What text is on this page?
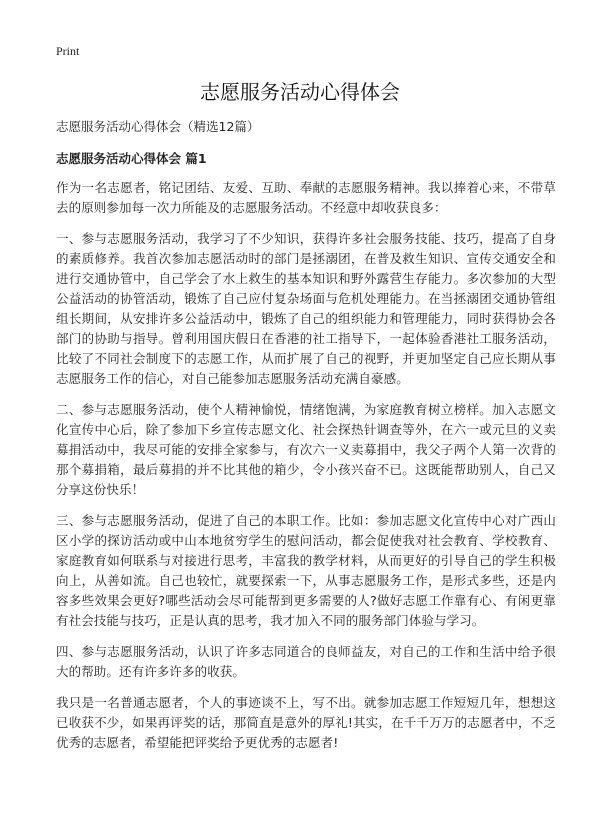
Print
志愿服务活动心得体会

志愿服务活动心得体会（精选12篇）

志愿服务活动心得体会 篇1

作为一名志愿者，铭记团结、友爱、互助、奉献的志愿服务精神。我以捧着心来，不带草去的原则参加每一次力所能及的志愿服务活动。不经意中却收获良多：

一、参与志愿服务活动，我学习了不少知识，获得许多社会服务技能、技巧，提高了自身的素质修养。我首次参加志愿活动时的部门是拯溺团，在普及救生知识、宣传交通安全和进行交通协管中，自己学会了水上救生的基本知识和野外露营生存能力。多次参加的大型公益活动的协管活动，锻炼了自己应付复杂场面与危机处理能力。在当拯溺团交通协管组组长期间，从安排许多公益活动中，锻炼了自己的组织能力和管理能力，同时获得协会各部门的协助与指导。曾利用国庆假日在香港的社工指导下，一起体验香港社工服务活动，比较了不同社会制度下的志愿工作，从而扩展了自己的视野，并更加坚定自己应长期从事志愿服务工作的信心，对自己能参加志愿服务活动充满自豪感。

二、参与志愿服务活动，使个人精神愉悦，情绪饱满，为家庭教育树立榜样。加入志愿文化宣传中心后，除了参加下乡宣传志愿文化、社会探热针调查等外，在六一或元旦的义卖募捐活动中，我尽可能的安排全家参与，有次六一义卖募捐中，我父子两个人第一次背的那个募捐箱，最后募捐的并不比其他的箱少，令小孩兴奋不已。这既能帮助别人，自己又分享这份快乐！

三、参与志愿服务活动，促进了自己的本职工作。比如：参加志愿文化宣传中心对广西山区小学的探访活动或中山本地贫穷学生的慰问活动，都会促使我对社会教育、学校教育、家庭教育如何联系与对接进行思考，丰富我的教学材料，从而更好的引导自己的学生积极向上，从善如流。自己也较忙，就要探索一下，从事志愿服务工作，是形式多些，还是内容多些效果会更好?哪些活动会尽可能帮到更多需要的人?做好志愿工作靠有心、有闲更靠有社会技能与技巧，正是认真的思考，我才加入不同的服务部门体验与学习。

四、参与志愿服务活动，认识了许多志同道合的良师益友，对自己的工作和生活中给予很大的帮助。还有许多许多的收获。

我只是一名普通志愿者，个人的事迹谈不上，写不出。就参加志愿工作短短几年，想想这已收获不少，如果再评奖的话，那简直是意外的厚礼!其实，在千千万万的志愿者中，不乏优秀的志愿者，希望能把评奖给予更优秀的志愿者!
